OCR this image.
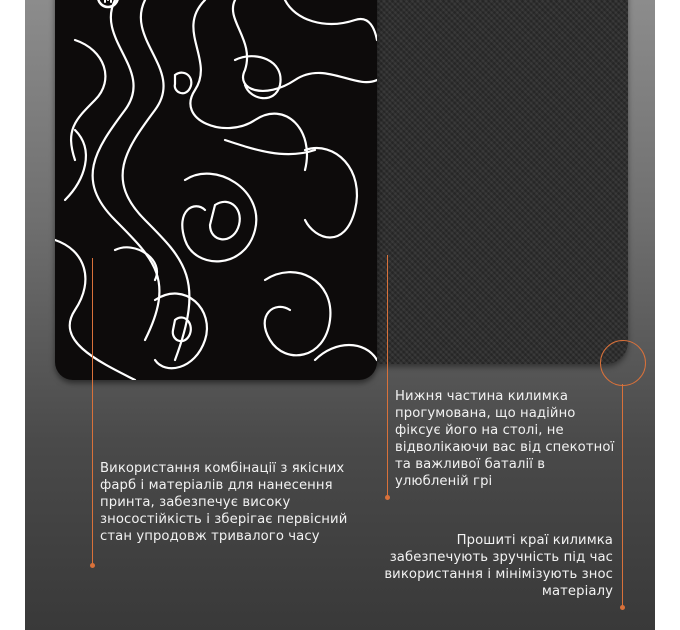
Використання комбінації з якісних фарб і матеріалів для нанесення принта, забезпечує високу зносостійкість і зберігає первісний стан упродовж тривалого часу
Нижня частина килимка прогумована, що надійно фіксує його на столі, не відволікаючи вас від спекотної та важливої баталії в улюбленій грі
Прошиті краї килимка забезпечують зручність під час використання і мінімізують знос матеріалу
